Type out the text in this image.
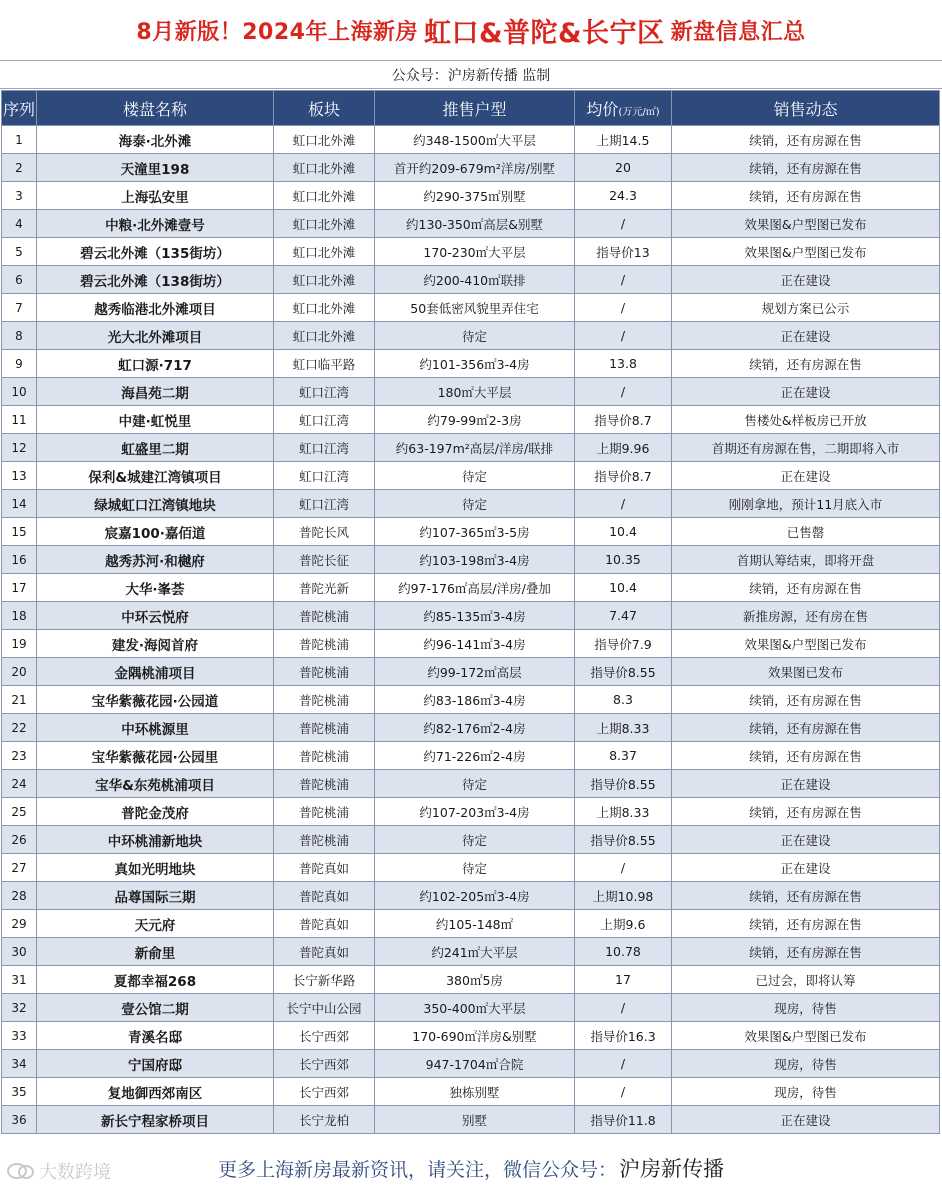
8月新版！2024年上海新房 虹口&普陀&长宁区 新盘信息汇总
公众号：沪房新传播 监制
序列	楼盘名称	板块	推售户型	均价(万元/㎡)	销售动态
1	海泰·北外滩	虹口北外滩	约348-1500㎡大平层	上期14.5	续销，还有房源在售
2	天潼里198	虹口北外滩	首开约209-679m²洋房/别墅	20	续销，还有房源在售
3	上海弘安里	虹口北外滩	约290-375㎡别墅	24.3	续销，还有房源在售
4	中粮·北外滩壹号	虹口北外滩	约130-350㎡高层&别墅	/	效果图&户型图已发布
5	碧云北外滩（135街坊）	虹口北外滩	170-230㎡大平层	指导价13	效果图&户型图已发布
6	碧云北外滩（138街坊）	虹口北外滩	约200-410㎡联排	/	正在建设
7	越秀临港北外滩项目	虹口北外滩	50套低密风貌里弄住宅	/	规划方案已公示
8	光大北外滩项目	虹口北外滩	待定	/	正在建设
9	虹口源·717	虹口临平路	约101-356㎡3-4房	13.8	续销，还有房源在售
10	海昌苑二期	虹口江湾	180㎡大平层	/	正在建设
11	中建·虹悦里	虹口江湾	约79-99㎡2-3房	指导价8.7	售楼处&样板房已开放
12	虹盛里二期	虹口江湾	约63-197m²高层/洋房/联排	上期9.96	首期还有房源在售，二期即将入市
13	保利&城建江湾镇项目	虹口江湾	待定	指导价8.7	正在建设
14	绿城虹口江湾镇地块	虹口江湾	待定	/	刚刚拿地，预计11月底入市
15	宸嘉100·嘉佰道	普陀长风	约107-365㎡3-5房	10.4	已售罄
16	越秀苏河·和樾府	普陀长征	约103-198㎡3-4房	10.35	首期认筹结束，即将开盘
17	大华·峯荟	普陀光新	约97-176㎡高层/洋房/叠加	10.4	续销，还有房源在售
18	中环云悦府	普陀桃浦	约85-135㎡3-4房	7.47	新推房源，还有房在售
19	建发·海阅首府	普陀桃浦	约96-141㎡3-4房	指导价7.9	效果图&户型图已发布
20	金隅桃浦项目	普陀桃浦	约99-172㎡高层	指导价8.55	效果图已发布
21	宝华紫薇花园·公园道	普陀桃浦	约83-186㎡3-4房	8.3	续销，还有房源在售
22	中环桃源里	普陀桃浦	约82-176㎡2-4房	上期8.33	续销，还有房源在售
23	宝华紫薇花园·公园里	普陀桃浦	约71-226㎡2-4房	8.37	续销，还有房源在售
24	宝华&东苑桃浦项目	普陀桃浦	待定	指导价8.55	正在建设
25	普陀金茂府	普陀桃浦	约107-203㎡3-4房	上期8.33	续销，还有房源在售
26	中环桃浦新地块	普陀桃浦	待定	指导价8.55	正在建设
27	真如光明地块	普陀真如	待定	/	正在建设
28	品尊国际三期	普陀真如	约102-205㎡3-4房	上期10.98	续销，还有房源在售
29	天元府	普陀真如	约105-148㎡	上期9.6	续销，还有房源在售
30	新俞里	普陀真如	约241㎡大平层	10.78	续销，还有房源在售
31	夏都幸福268	长宁新华路	380㎡5房	17	已过会，即将认筹
32	壹公馆二期	长宁中山公园	350-400㎡大平层	/	现房，待售
33	青溪名邸	长宁西郊	170-690㎡洋房&别墅	指导价16.3	效果图&户型图已发布
34	宁国府邸	长宁西郊	947-1704㎡合院	/	现房，待售
35	复地御西郊南区	长宁西郊	独栋别墅	/	现房，待售
36	新长宁程家桥项目	长宁龙柏	别墅	指导价11.8	正在建设
更多上海新房最新资讯，请关注，微信公众号： 沪房新传播
大数跨境
